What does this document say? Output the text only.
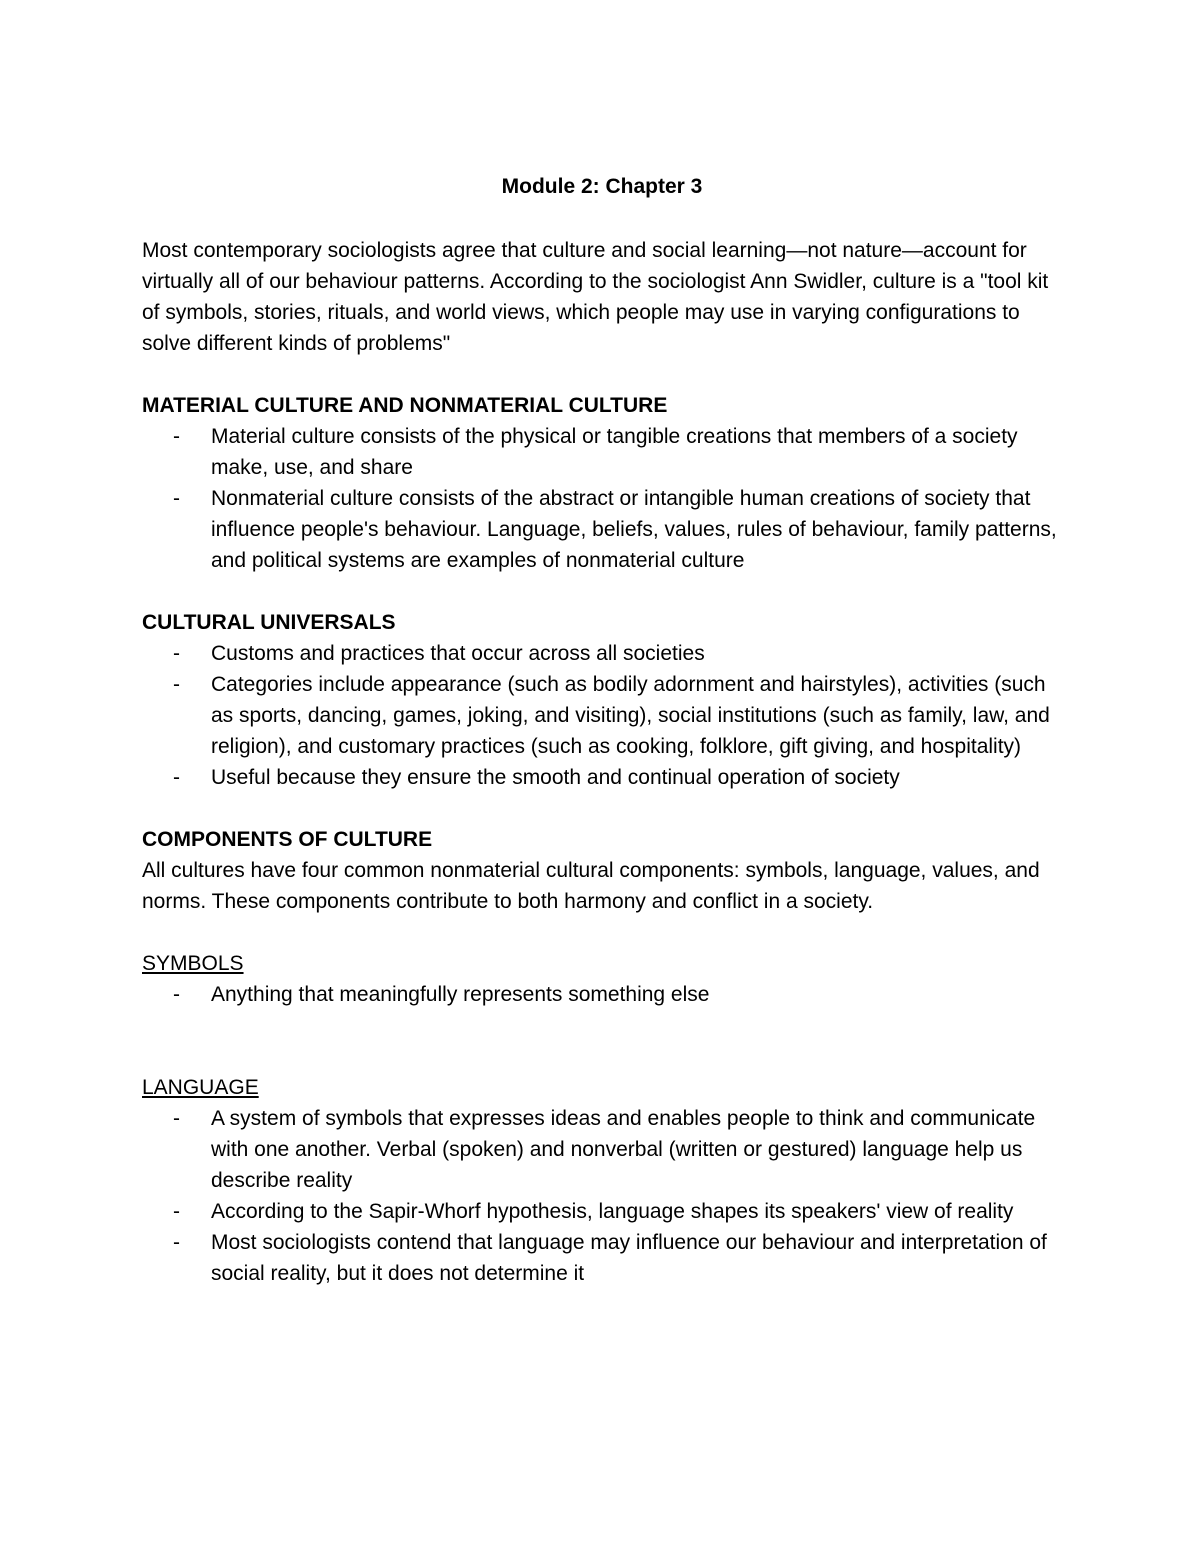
Module 2: Chapter 3

Most contemporary sociologists agree that culture and social learning—not nature—account for virtually all of our behaviour patterns. According to the sociologist Ann Swidler, culture is a "tool kit of symbols, stories, rituals, and world views, which people may use in varying configurations to solve different kinds of problems"

MATERIAL CULTURE AND NONMATERIAL CULTURE

- Material culture consists of the physical or tangible creations that members of a society make, use, and share
- Nonmaterial culture consists of the abstract or intangible human creations of society that influence people's behaviour. Language, beliefs, values, rules of behaviour, family patterns, and political systems are examples of nonmaterial culture

CULTURAL UNIVERSALS

- Customs and practices that occur across all societies
- Categories include appearance (such as bodily adornment and hairstyles), activities (such as sports, dancing, games, joking, and visiting), social institutions (such as family, law, and religion), and customary practices (such as cooking, folklore, gift giving, and hospitality)
- Useful because they ensure the smooth and continual operation of society

COMPONENTS OF CULTURE

All cultures have four common nonmaterial cultural components: symbols, language, values, and norms. These components contribute to both harmony and conflict in a society.

SYMBOLS

- Anything that meaningfully represents something else

LANGUAGE

- A system of symbols that expresses ideas and enables people to think and communicate with one another. Verbal (spoken) and nonverbal (written or gestured) language help us describe reality
- According to the Sapir-Whorf hypothesis, language shapes its speakers' view of reality
- Most sociologists contend that language may influence our behaviour and interpretation of social reality, but it does not determine it
